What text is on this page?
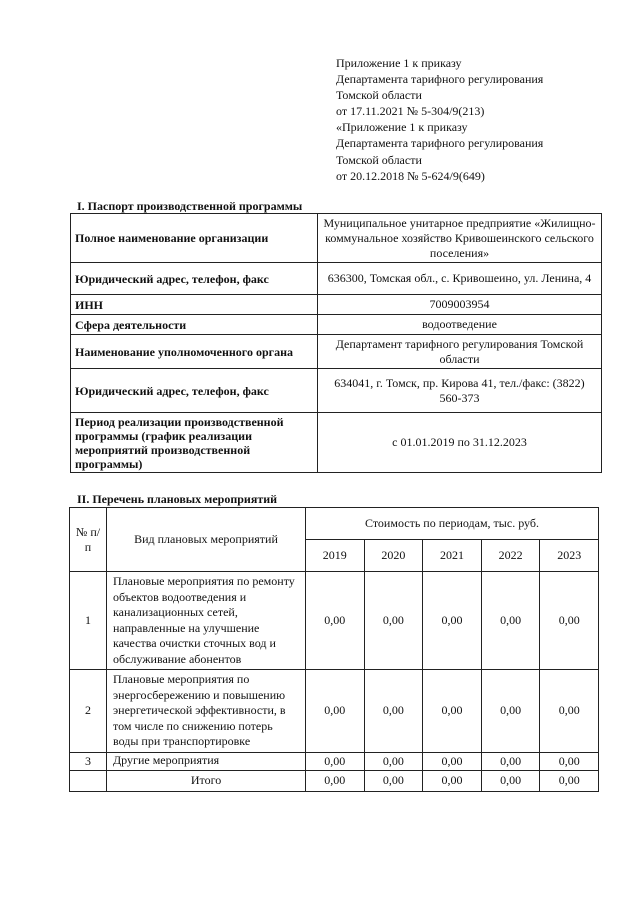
Приложение 1 к приказу
Департамента тарифного регулирования
Томской области
от 17.11.2021 № 5-304/9(213)
«Приложение 1 к приказу
Департамента тарифного регулирования
Томской области
от 20.12.2018 № 5-624/9(649)
I. Паспорт производственной программы
Полное наименование организации	Муниципальное унитарное предприятие «Жилищно-коммунальное хозяйство Кривошеинского сельского поселения»
Юридический адрес, телефон, факс	636300, Томская обл., с. Кривошеино, ул. Ленина, 4
ИНН	7009003954
Сфера деятельности	водоотведение
Наименование уполномоченного органа	Департамент тарифного регулирования Томской области
Юридический адрес, телефон, факс	634041, г. Томск, пр. Кирова 41, тел./факс: (3822) 560-373
Период реализации производственной программы (график реализации мероприятий производственной программы)	с 01.01.2019 по 31.12.2023
II. Перечень плановых мероприятий
№ п/п	Вид плановых мероприятий	Стоимость по периодам, тыс. руб.				
		2019	2020	2021	2022	2023
1	Плановые мероприятия по ремонту объектов водоотведения и канализационных сетей, направленные на улучшение качества очистки сточных вод и обслуживание абонентов	0,00	0,00	0,00	0,00	0,00
2	Плановые мероприятия по энергосбережению и повышению энергетической эффективности, в том числе по снижению потерь воды при транспортировке	0,00	0,00	0,00	0,00	0,00
3	Другие мероприятия	0,00	0,00	0,00	0,00	0,00
	Итого	0,00	0,00	0,00	0,00	0,00
